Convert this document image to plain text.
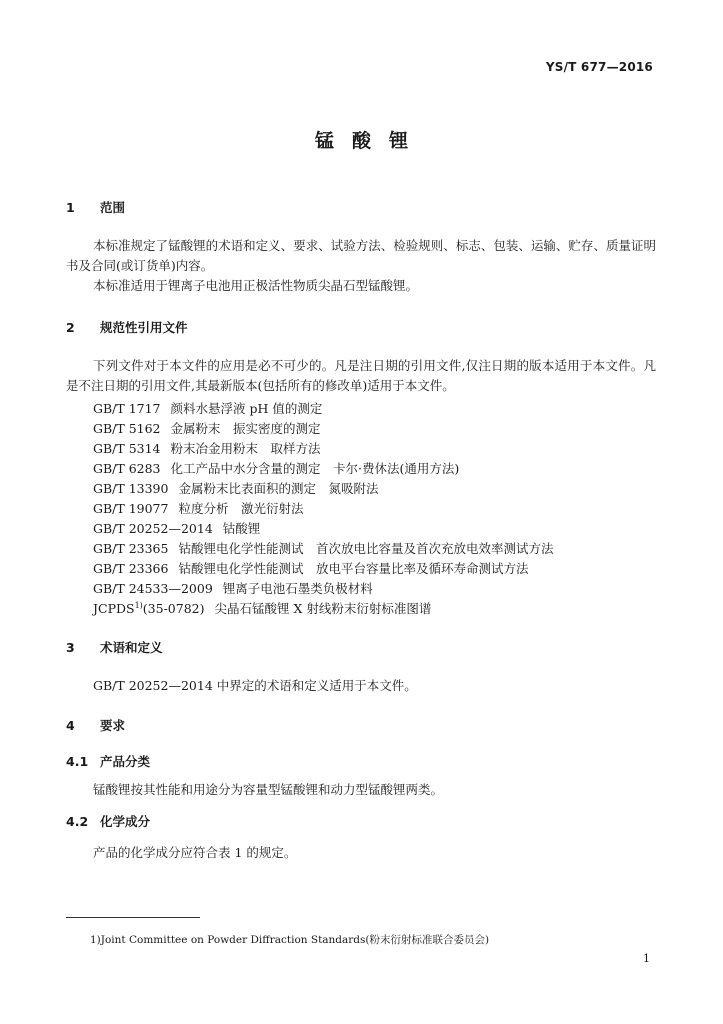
YS/T 677—2016
锰酸锂
1 范围
本标准规定了锰酸锂的术语和定义、要求、试验方法、检验规则、标志、包装、运输、贮存、质量证明书及合同(或订货单)内容。
本标准适用于锂离子电池用正极活性物质尖晶石型锰酸锂。
2 规范性引用文件
下列文件对于本文件的应用是必不可少的。凡是注日期的引用文件,仅注日期的版本适用于本文件。凡是不注日期的引用文件,其最新版本(包括所有的修改单)适用于本文件。
GB/T 1717 颜料水悬浮液 pH 值的测定
GB/T 5162 金属粉末　振实密度的测定
GB/T 5314 粉末冶金用粉末　取样方法
GB/T 6283 化工产品中水分含量的测定　卡尔·费休法(通用方法)
GB/T 13390 金属粉末比表面积的测定　氮吸附法
GB/T 19077 粒度分析　激光衍射法
GB/T 20252—2014 钴酸锂
GB/T 23365 钴酸锂电化学性能测试　首次放电比容量及首次充放电效率测试方法
GB/T 23366 钴酸锂电化学性能测试　放电平台容量比率及循环寿命测试方法
GB/T 24533—2009 锂离子电池石墨类负极材料
JCPDS$^{1)}$(35-0782) 尖晶石锰酸锂 X 射线粉末衍射标准图谱
3 术语和定义
GB/T 20252—2014 中界定的术语和定义适用于本文件。
4 要求
4.1 产品分类
锰酸锂按其性能和用途分为容量型锰酸锂和动力型锰酸锂两类。
4.2 化学成分
产品的化学成分应符合表 1 的规定。
1)Joint Committee on Powder Diffraction Standards(粉末衍射标准联合委员会)
1
